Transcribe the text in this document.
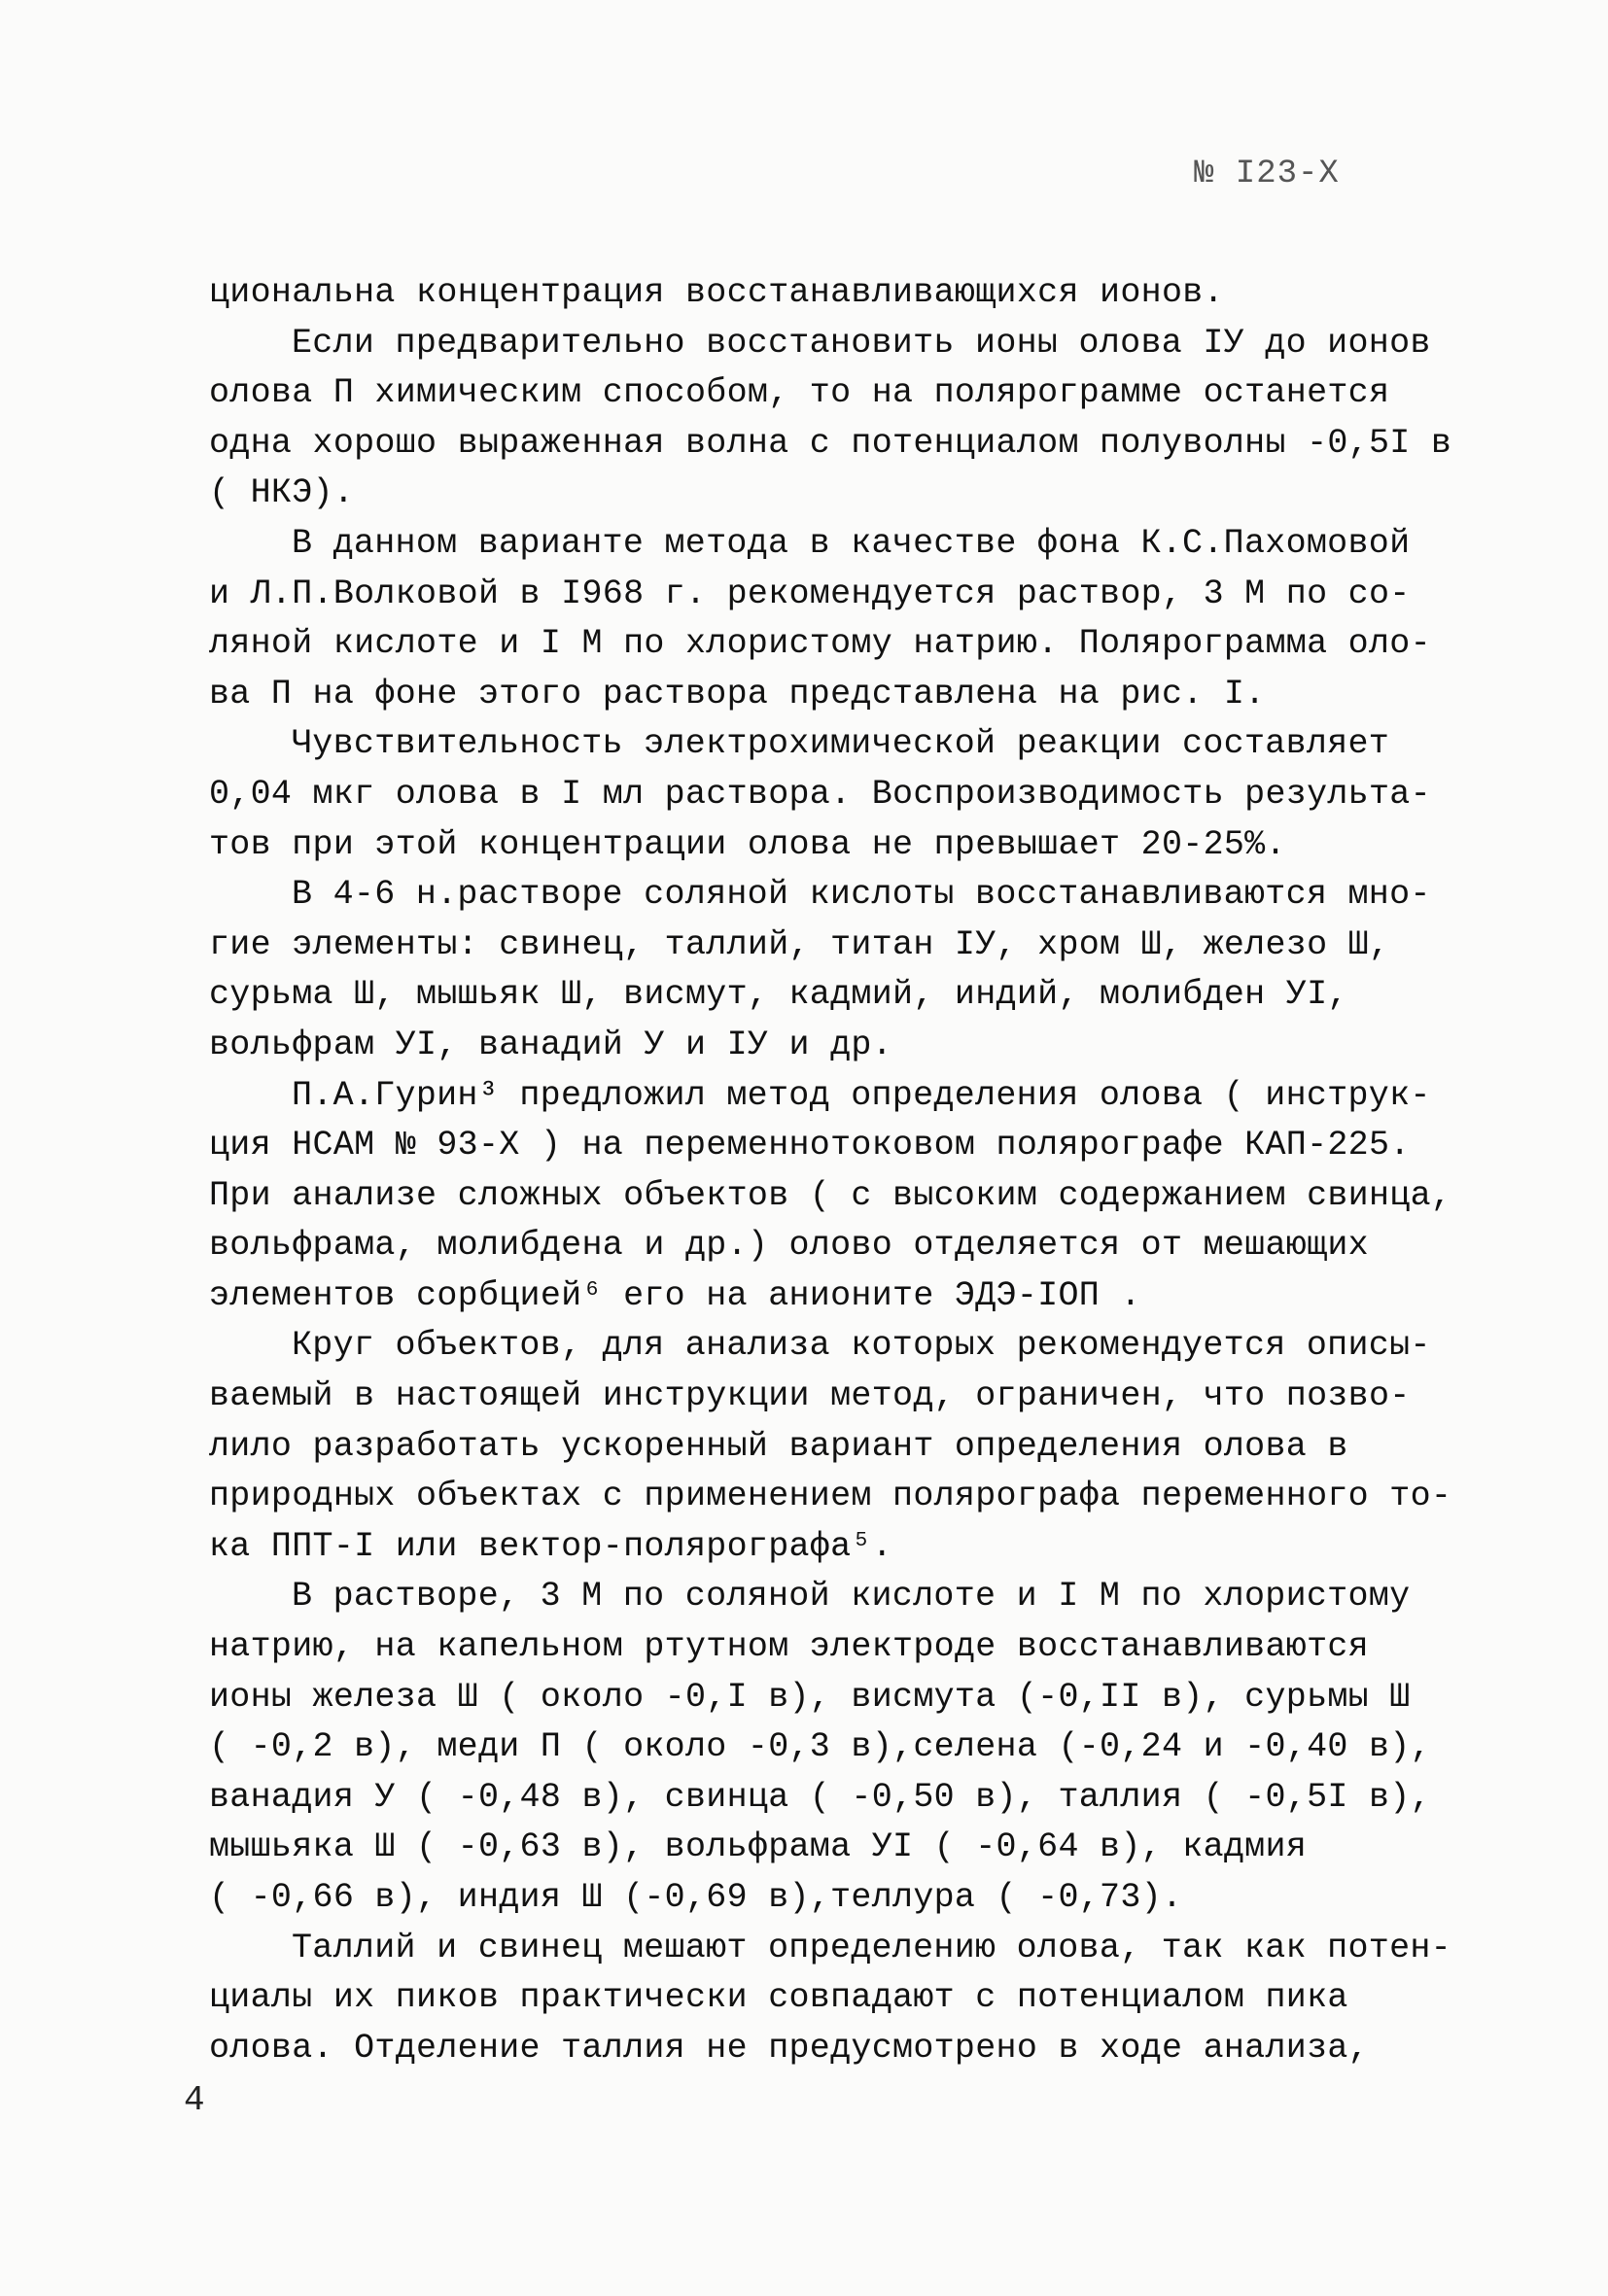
№ I23-X
циональна концентрация восстанавливающихся ионов.
Если предварительно восстановить ионы олова IУ до ионов
олова П химическим способом, то на полярограмме останется
одна хорошо выраженная волна с потенциалом полуволны -0,5I в
( НКЭ).
В данном варианте метода в качестве фона К.С.Пахомовой
и Л.П.Волковой в I968 г. рекомендуется раствор, 3 М по со-
ляной кислоте и I М по хлористому натрию. Полярограмма оло-
ва П на фоне этого раствора представлена на рис. I.
Чувствительность электрохимической реакции составляет
0,04 мкг олова в I мл раствора. Воспроизводимость результа-
тов при этой концентрации олова не превышает 20-25%.
В 4-6 н.растворе соляной кислоты восстанавливаются мно-
гие элементы: свинец, таллий, титан IУ, хром Ш, железо Ш,
сурьма Ш, мышьяк Ш, висмут, кадмий, индий, молибден УI,
вольфрам УI, ванадий У и IУ и др.
П.А.Гурин³ предложил метод определения олова ( инструк-
ция НСАМ № 93-Х ) на переменнотоковом полярографе КАП-225.
При анализе сложных объектов ( с высоким содержанием свинца,
вольфрама, молибдена и др.) олово отделяется от мешающих
элементов сорбцией⁶ его на анионите ЭДЭ-IОП .
Круг объектов, для анализа которых рекомендуется описы-
ваемый в настоящей инструкции метод, ограничен, что позво-
лило разработать ускоренный вариант определения олова в
природных объектах с применением полярографа переменного то-
ка ППТ-I или вектор-полярографа⁵.
В растворе, 3 М по соляной кислоте и I М по хлористому
натрию, на капельном ртутном электроде восстанавливаются
ионы железа Ш ( около -0,I в), висмута (-0,II в), сурьмы Ш
( -0,2 в), меди П ( около -0,3 в),селена (-0,24 и -0,40 в),
ванадия У ( -0,48 в), свинца ( -0,50 в), таллия ( -0,5I в),
мышьяка Ш ( -0,63 в), вольфрама УI ( -0,64 в), кадмия
( -0,66 в), индия Ш (-0,69 в),теллура ( -0,73).
Таллий и свинец мешают определению олова, так как потен-
циалы их пиков практически совпадают с потенциалом пика
олова. Отделение таллия не предусмотрено в ходе анализа,
4
